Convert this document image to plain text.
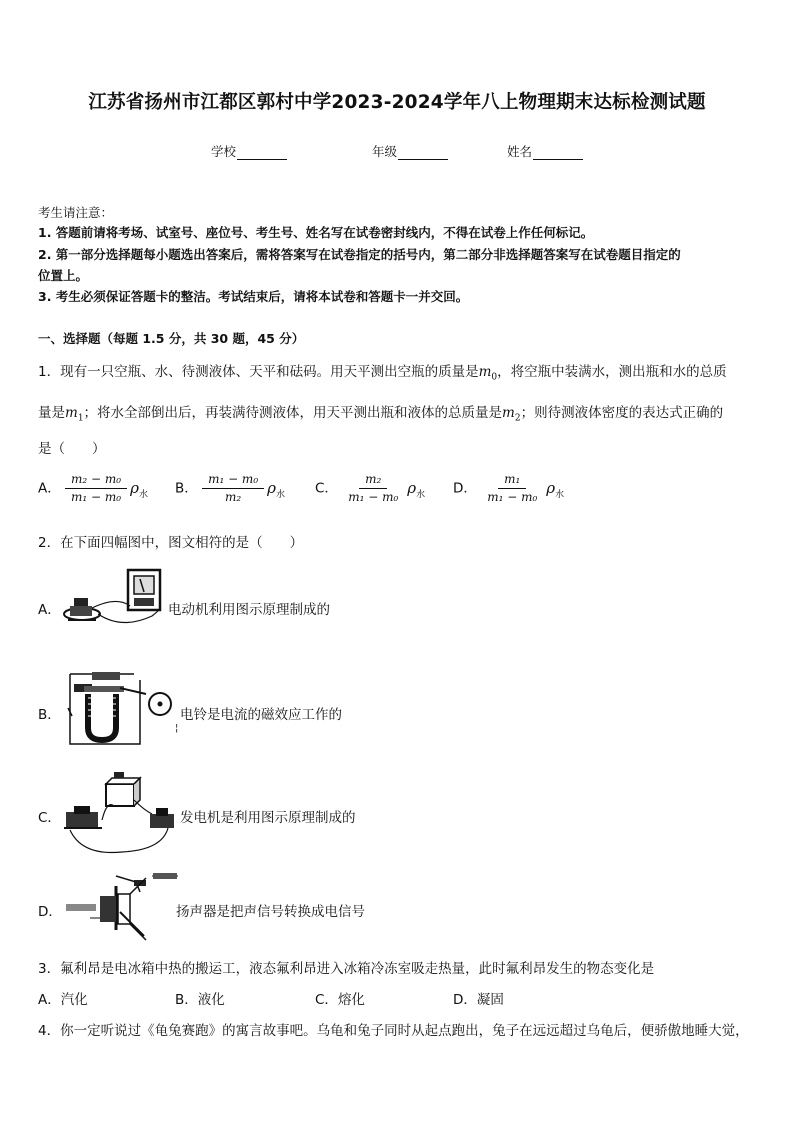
江苏省扬州市江都区郭村中学2023-2024学年八上物理期末达标检测试题
学校	年级	姓名
考生请注意：
1. 答题前请将考场、试室号、座位号、考生号、姓名写在试卷密封线内，不得在试卷上作任何标记。
2. 第一部分选择题每小题选出答案后，需将答案写在试卷指定的括号内，第二部分非选择题答案写在试卷题目指定的
位置上。
3. 考生必须保证答题卡的整洁。考试结束后，请将本试卷和答题卡一并交回。
一、选择题（每题 1.5 分，共 30 题，45 分）
1．现有一只空瓶、水、待测液体、天平和砝码。用天平测出空瓶的质量是$m_0$，将空瓶中装满水，测出瓶和水的总质
量是$m_1$；将水全部倒出后，再装满待测液体，用天平测出瓶和液体的总质量是$m_2$；则待测液体密度的表达式正确的
是（　　）
A． $\frac{\text{m₂ − m₀}}{\text{m₁ − m₀}} \rho_水$ B． $\frac{\text{m₁ − m₀}}{\text{m₂}} \rho_水$ C． $\frac{\text{m₂}}{\text{m₁ − m₀}} \rho_水$ D． $\frac{\text{m₁}}{\text{m₁ − m₀}} \rho_水$
2．在下面四幅图中，图文相符的是（　　）
A．	电动机利用图示原理制成的
B．	电铃是电流的磁效应工作的
¦
C．	发电机是利用图示原理制成的
D．	扬声器是把声信号转换成电信号
3．氟利昂是电冰箱中热的搬运工，液态氟利昂进入冰箱冷冻室吸走热量，此时氟利昂发生的物态变化是
A．汽化	B．液化	C．熔化	D．凝固
4．你一定听说过《龟兔赛跑》的寓言故事吧。乌龟和兔子同时从起点跑出，兔子在远远超过乌龟后，便骄傲地睡大觉，
